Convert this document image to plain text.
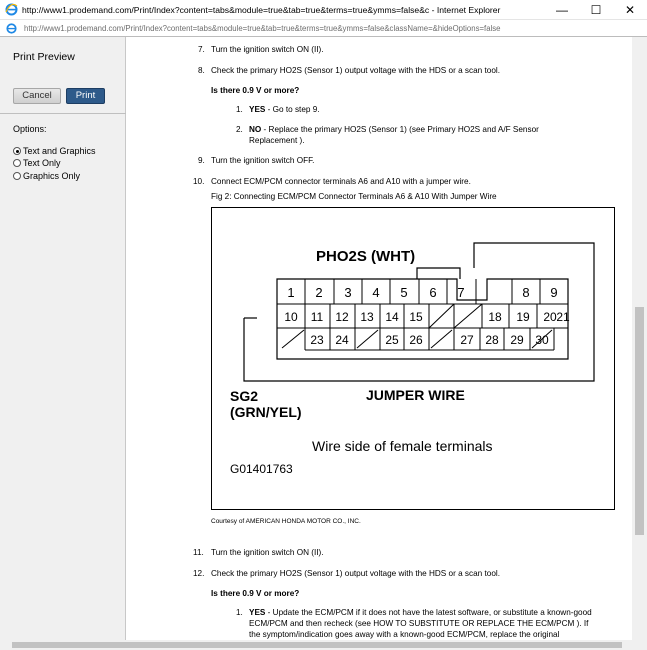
http://www1.prodemand.com/Print/Index?content=tabs&module=true&tab=true&terms=true&ymms=false&c - Internet Explorer	—	☐	✕
http://www1.prodemand.com/Print/Index?content=tabs&module=true&tab=true&terms=true&ymms=false&className=&hideOptions=false
Print Preview
Cancel	Print
Options:
Text and Graphics
Text Only
Graphics Only
7. Turn the ignition switch ON (II).
8. Check the primary HO2S (Sensor 1) output voltage with the HDS or a scan tool.
Is there 0.9 V or more?
1. YES - Go to step 9.
2. NO - Replace the primary HO2S (Sensor 1) (see Primary HO2S and A/F Sensor
Replacement ).
9. Turn the ignition switch OFF.
10. Connect ECM/PCM connector terminals A6 and A10 with a jumper wire.
Fig 2: Connecting ECM/PCM Connector Terminals A6 & A10 With Jumper Wire
PHO2S (WHT)
1 2 3 4 5 6 7	8 9
10 11 12 13 14 15	18 19 20
23 24	25 26	27 28 29 30
21
SG2
(GRN/YEL)
JUMPER WIRE
Wire side of female terminals
G01401763
Courtesy of AMERICAN HONDA MOTOR CO., INC.
11. Turn the ignition switch ON (II).
12. Check the primary HO2S (Sensor 1) output voltage with the HDS or a scan tool.
Is there 0.9 V or more?
1. YES - Update the ECM/PCM if it does not have the latest software, or substitute a known-good
ECM/PCM and then recheck (see HOW TO SUBSTITUTE OR REPLACE THE ECM/PCM ). If
the symptom/indication goes away with a known-good ECM/PCM, replace the original
